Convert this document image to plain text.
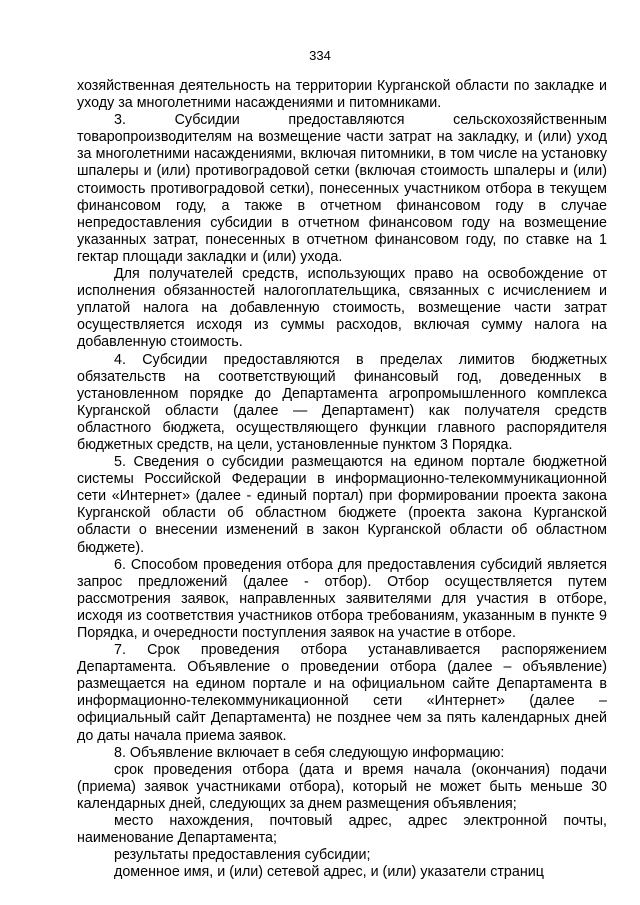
334

хозяйственная деятельность на территории Курганской области по закладке и уходу за многолетними насаждениями и питомниками.

3. Субсидии предоставляются сельскохозяйственным товаропроизводителям на возмещение части затрат на закладку, и (или) уход за многолетними насаждениями, включая питомники, в том числе на установку шпалеры и (или) противоградовой сетки (включая стоимость шпалеры и (или) стоимость противоградовой сетки), понесенных участником отбора в текущем финансовом году, а также в отчетном финансовом году в случае непредоставления субсидии в отчетном финансовом году на возмещение указанных затрат, понесенных в отчетном финансовом году, по ставке на 1 гектар площади закладки и (или) ухода.

Для получателей средств, использующих право на освобождение от исполнения обязанностей налогоплательщика, связанных с исчислением и уплатой налога на добавленную стоимость, возмещение части затрат осуществляется исходя из суммы расходов, включая сумму налога на добавленную стоимость.

4. Субсидии предоставляются в пределах лимитов бюджетных обязательств на соответствующий финансовый год, доведенных в установленном порядке до Департамента агропромышленного комплекса Курганской области (далее — Департамент) как получателя средств областного бюджета, осуществляющего функции главного распорядителя бюджетных средств, на цели, установленные пунктом 3 Порядка.

5. Сведения о субсидии размещаются на едином портале бюджетной системы Российской Федерации в информационно-телекоммуникационной сети «Интернет» (далее - единый портал) при формировании проекта закона Курганской области об областном бюджете (проекта закона Курганской области о внесении изменений в закон Курганской области об областном бюджете).

6. Способом проведения отбора для предоставления субсидий является запрос предложений (далее - отбор). Отбор осуществляется путем рассмотрения заявок, направленных заявителями для участия в отборе, исходя из соответствия участников отбора требованиям, указанным в пункте 9 Порядка, и очередности поступления заявок на участие в отборе.

7. Срок проведения отбора устанавливается распоряжением Департамента. Объявление о проведении отбора (далее – объявление) размещается на едином портале и на официальном сайте Департамента в информационно-телекоммуникационной сети «Интернет» (далее – официальный сайт Департамента) не позднее чем за пять календарных дней до даты начала приема заявок.

8. Объявление включает в себя следующую информацию:

срок проведения отбора (дата и время начала (окончания) подачи (приема) заявок участниками отбора), который не может быть меньше 30 календарных дней, следующих за днем размещения объявления;

место нахождения, почтовый адрес, адрес электронной почты, наименование Департамента;

результаты предоставления субсидии;

доменное имя, и (или) сетевой адрес, и (или) указатели страниц
